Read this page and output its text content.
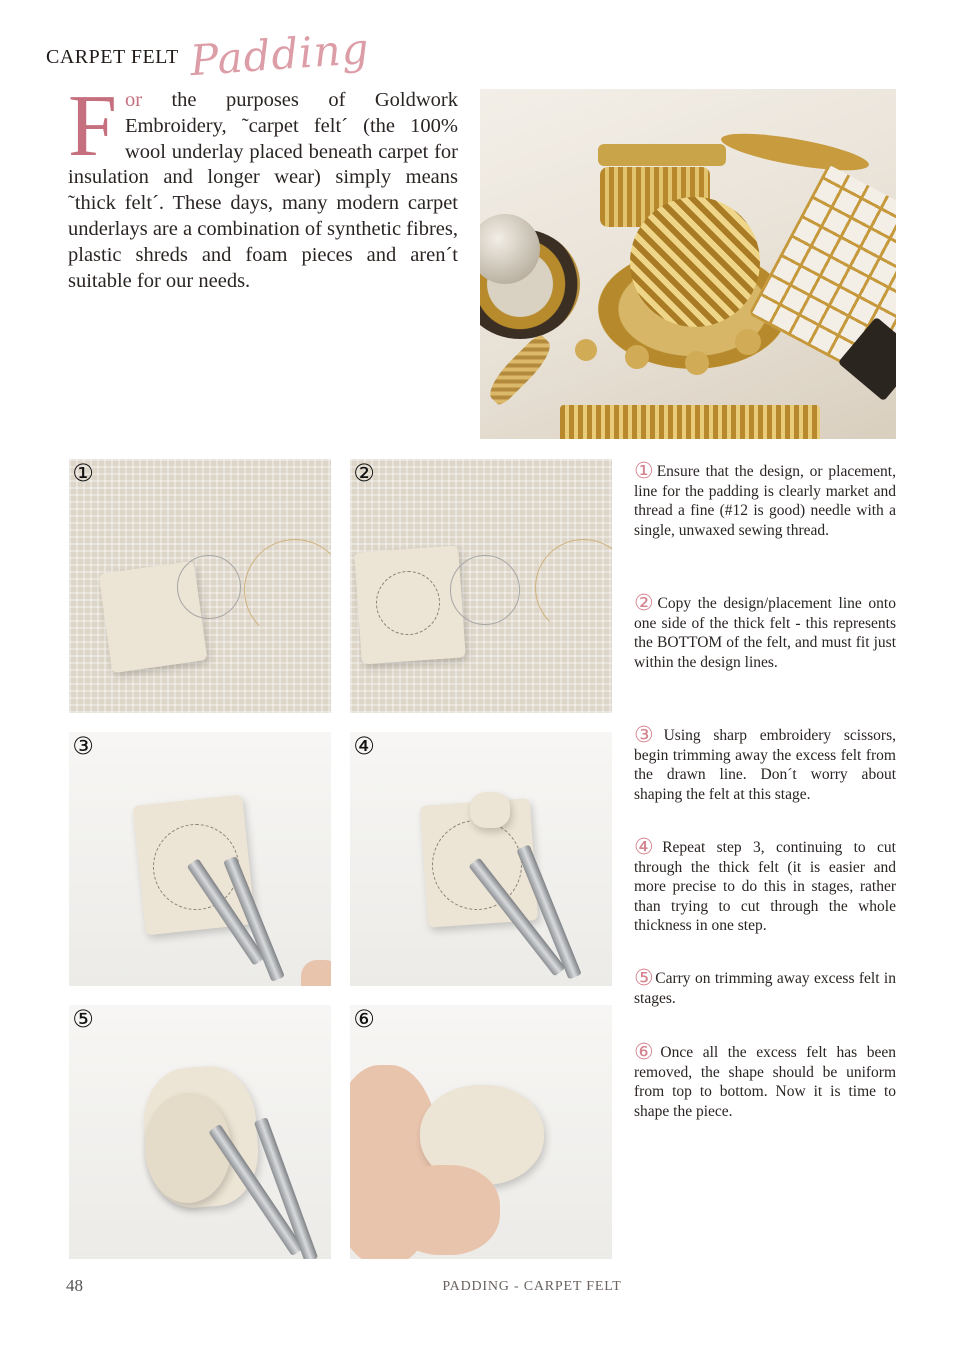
CARPET FELT Padding
For the purposes of Goldwork Embroidery, ˜carpet felt´ (the 100% wool underlay placed beneath carpet for insulation and longer wear) simply means ˜thick felt´. These days, many modern carpet underlays are a combination of synthetic fibres, plastic shreds and foam pieces and aren´t suitable for our needs.
①	②
③	④
⑤	⑥
①Ensure that the design, or placement, line for the padding is clearly market and thread a fine (#12 is good) needle with a single, unwaxed sewing thread.
②Copy the design/placement line onto one side of the thick felt - this represents the BOTTOM of the felt, and must fit just within the design lines.
③Using sharp embroidery scissors, begin trimming away the excess felt from the drawn line. Don´t worry about shaping the felt at this stage.
④Repeat step 3, continuing to cut through the thick felt (it is easier and more precise to do this in stages, rather than trying to cut through the whole thickness in one step.
⑤Carry on trimming away excess felt in stages.
⑥Once all the excess felt has been removed, the shape should be uniform from top to bottom. Now it is time to shape the piece.
48	PADDING - CARPET FELT
